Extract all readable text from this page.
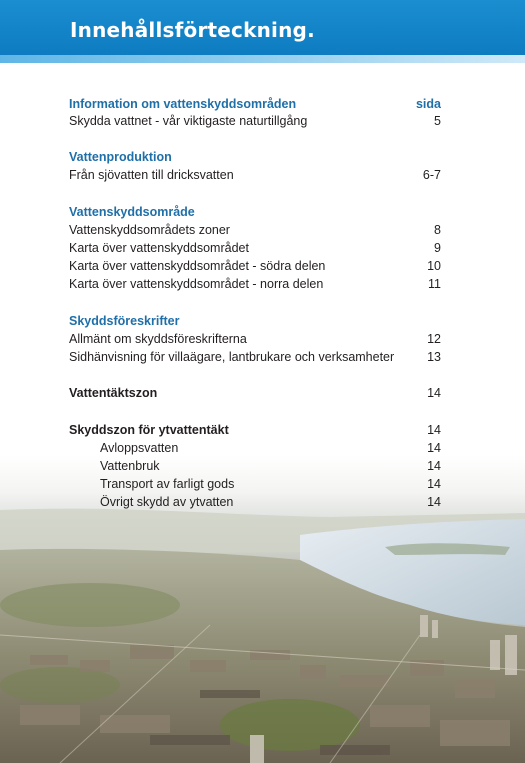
Innehållsförteckning.
Information om vattenskyddsområden	sida
Skydda vattnet - vår viktigaste naturtillgång	5
Vattenproduktion
Från sjövatten till dricksvatten	6-7
Vattenskyddsområde
Vattenskyddsområdets zoner	8
Karta över vattenskyddsområdet	9
Karta över vattenskyddsområdet - södra delen	10
Karta över vattenskyddsområdet - norra delen	11
Skyddsföreskrifter
Allmänt om skyddsföreskrifterna	12
Sidhänvisning för villaägare, lantbrukare och verksamheter	13
Vattentäktszon	14
Skyddszon för ytvattentäkt	14
Avloppsvatten	14
Vattenbruk	14
Transport av farligt gods	14
Övrigt skydd av ytvatten	14
